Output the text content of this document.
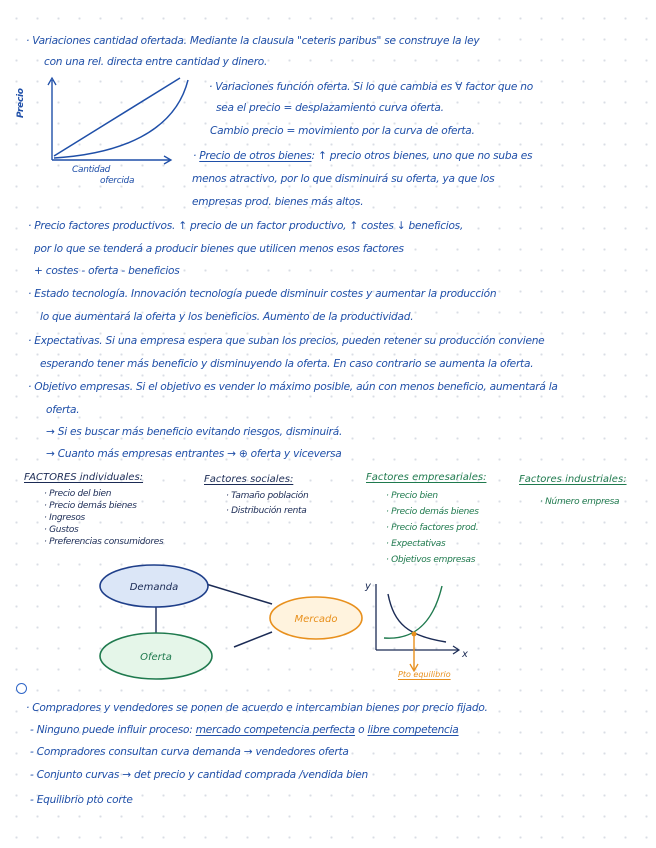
· Variaciones cantidad ofertada. Mediante la clausula "ceteris paribus" se construye la ley
con una rel. directa entre cantidad y dinero.
Precio
Cantidad
ofercida
· Variaciones función oferta. Si lo que cambia es ∀ factor que no
sea el precio = desplazamiento curva oferta.
Cambio precio = movimiento por la curva de oferta.
· Precio de otros bienes: ↑ precio otros bienes, uno que no suba es
menos atractivo, por lo que disminuirá su oferta, ya que los
empresas prod. bienes más altos.
· Precio factores productivos. ↑ precio de un factor productivo, ↑ costes ↓ beneficios,
por lo que se tenderá a producir bienes que utilicen menos esos factores
+ costes - oferta - beneficios
· Estado tecnología. Innovación tecnología puede disminuir costes y aumentar la producción
lo que aumentará la oferta y los beneficios. Aumento de la productividad.
· Expectativas. Si una empresa espera que suban los precios, pueden retener su producción conviene
esperando tener más beneficio y disminuyendo la oferta. En caso contrario se aumenta la oferta.
· Objetivo empresas. Si el objetivo es vender lo máximo posible, aún con menos beneficio, aumentará la
oferta.
→ Si es buscar más beneficio evitando riesgos, disminuirá.
→ Cuanto más empresas entrantes → ⊕ oferta y viceversa
FACTORES individuales:
· Precio del bien
· Precio demás bienes
· Ingresos
· Gustos
· Preferencias consumidores
Factores sociales:
· Tamaño población
· Distribución renta
Factores empresariales:
· Precio bien
· Precio demás bienes
· Precio factores prod.
· Expectativas
· Objetivos empresas
Factores industriales:
· Número empresa
Demanda
Mercado
Oferta	x
y
Pto equilibrio
· Compradores y vendedores se ponen de acuerdo e intercambian bienes por precio fijado.
- Ninguno puede influir proceso: mercado competencia perfecta o libre competencia
- Compradores consultan curva demanda → vendedores oferta
- Conjunto curvas → det precio y cantidad comprada /vendida bien
- Equilibrio pto corte
